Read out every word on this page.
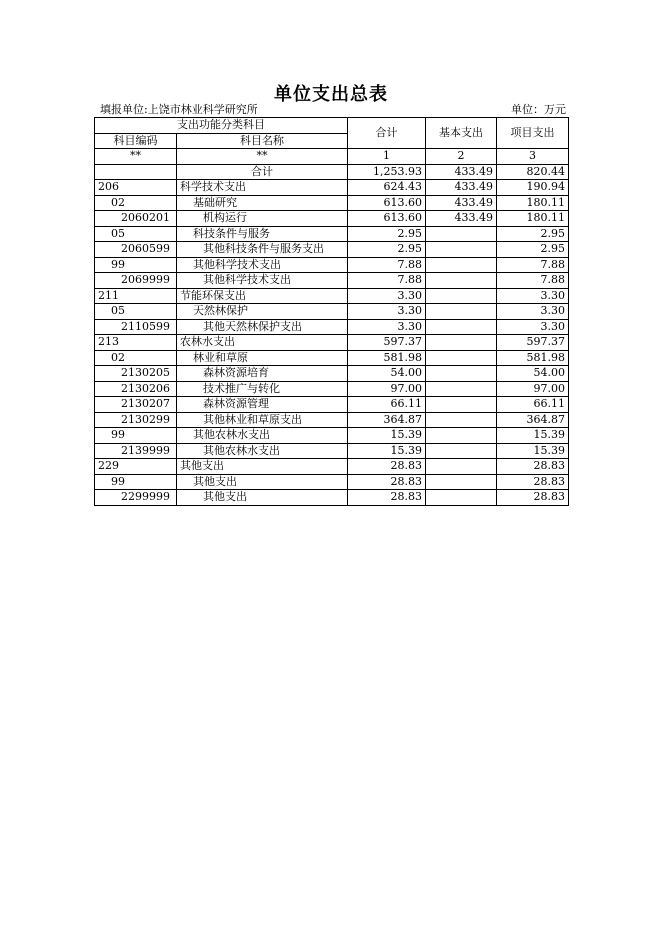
单位支出总表
填报单位:上饶市林业科学研究所	单位：万元
支出功能分类科目		合计	基本支出	项目支出
科目编码	科目名称			
**	**	1	2	3
	合计	1,253.93	433.49	820.44
206	科学技术支出	624.43	433.49	190.94
02	基础研究	613.60	433.49	180.11
2060201	机构运行	613.60	433.49	180.11
05	科技条件与服务	2.95		2.95
2060599	其他科技条件与服务支出	2.95		2.95
99	其他科学技术支出	7.88		7.88
2069999	其他科学技术支出	7.88		7.88
211	节能环保支出	3.30		3.30
05	天然林保护	3.30		3.30
2110599	其他天然林保护支出	3.30		3.30
213	农林水支出	597.37		597.37
02	林业和草原	581.98		581.98
2130205	森林资源培育	54.00		54.00
2130206	技术推广与转化	97.00		97.00
2130207	森林资源管理	66.11		66.11
2130299	其他林业和草原支出	364.87		364.87
99	其他农林水支出	15.39		15.39
2139999	其他农林水支出	15.39		15.39
229	其他支出	28.83		28.83
99	其他支出	28.83		28.83
2299999	其他支出	28.83		28.83
